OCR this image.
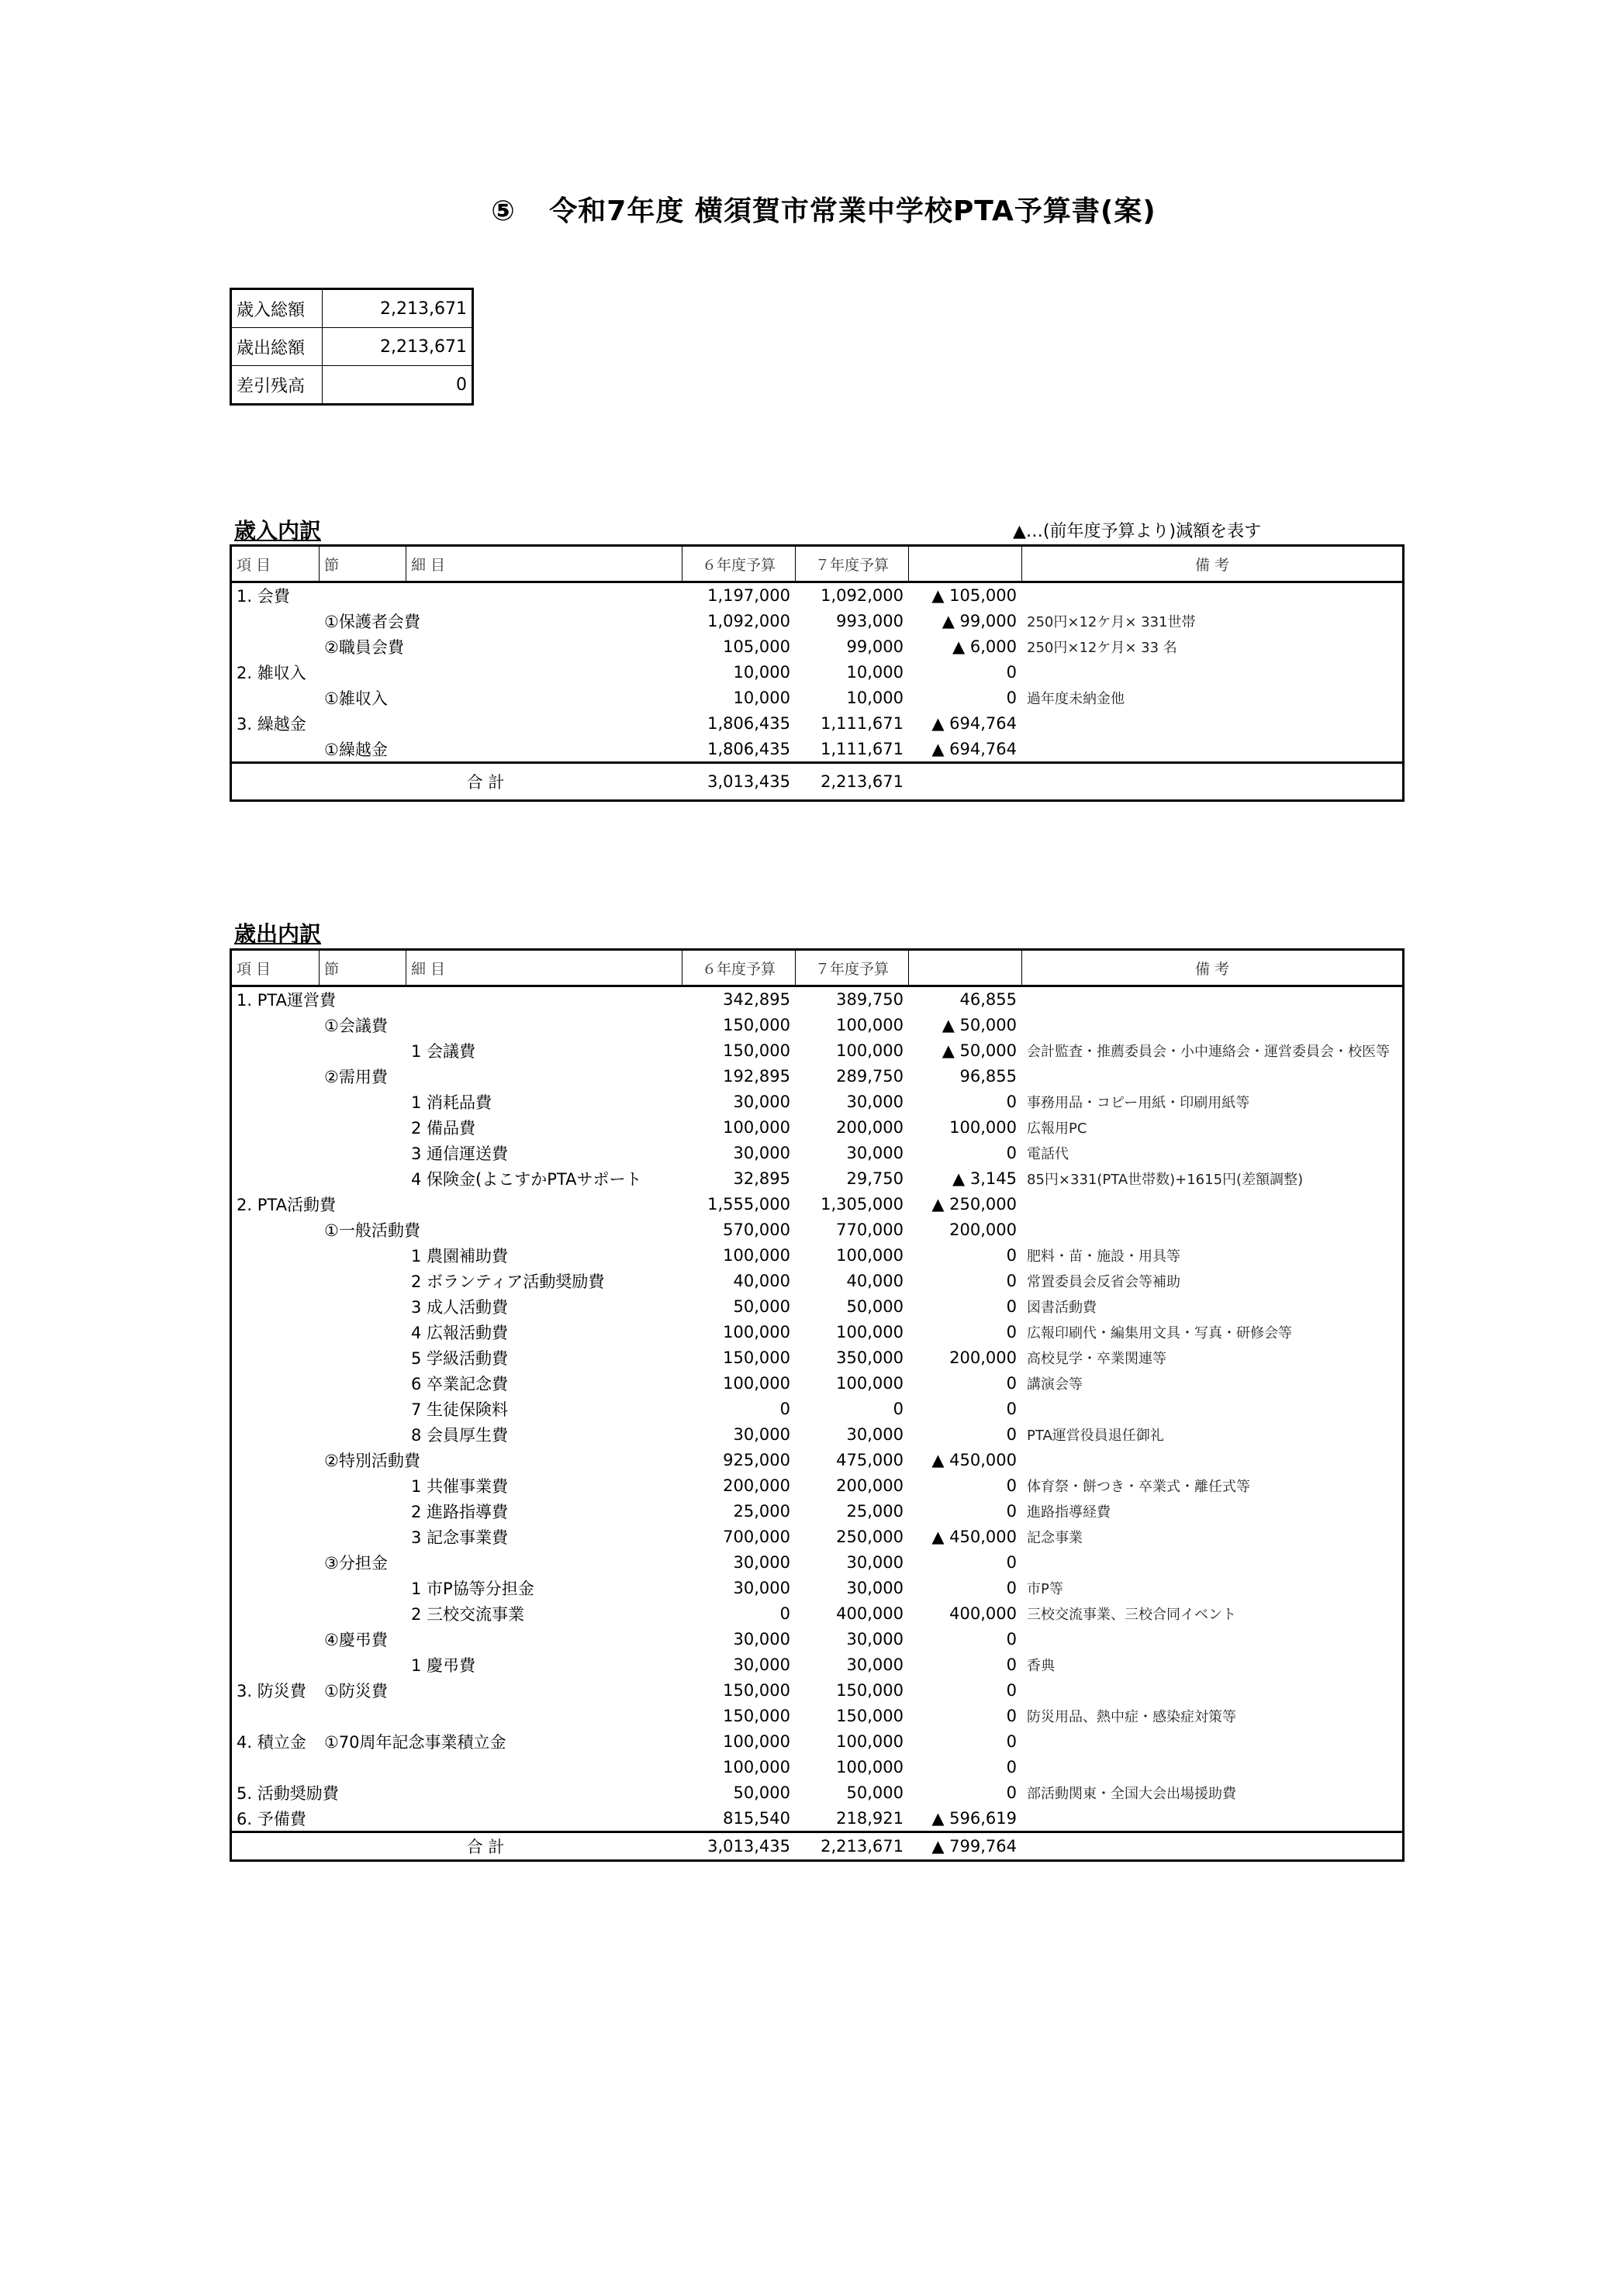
⑤ 令和7年度 横須賀市常業中学校PTA予算書(案)
歳入総額	2,213,671
歳出総額	2,213,671
差引残高	0
歳入内訳	▲…(前年度予算より)減額を表す
項 目	節	細 目	６年度予算	７年度予算		備 考
1. 会費			1,197,000	1,092,000	▲ 105,000	
	①保護者会費		1,092,000	993,000	▲ 99,000	250円×12ケ月× 331世帯
	②職員会費		105,000	99,000	▲ 6,000	250円×12ケ月× 33 名
2. 雑収入			10,000	10,000	0	
	①雑収入		10,000	10,000	0	過年度未納金他
3. 繰越金			1,806,435	1,111,671	▲ 694,764	
	①繰越金		1,806,435	1,111,671	▲ 694,764	
合 計			3,013,435	2,213,671		
歳出内訳
項 目	節	細 目	６年度予算	７年度予算		備 考
1. PTA運営費			342,895	389,750	46,855	
	①会議費		150,000	100,000	▲ 50,000	
		1 会議費	150,000	100,000	▲ 50,000	会計監査・推薦委員会・小中連絡会・運営委員会・校医等
	②需用費		192,895	289,750	96,855	
		1 消耗品費	30,000	30,000	0	事務用品・コピー用紙・印刷用紙等
		2 備品費	100,000	200,000	100,000	広報用PC
		3 通信運送費	30,000	30,000	0	電話代
		4 保険金(よこすかPTAサポート	32,895	29,750	▲ 3,145	85円×331(PTA世帯数)+1615円(差額調整)
2. PTA活動費			1,555,000	1,305,000	▲ 250,000	
	①一般活動費		570,000	770,000	200,000	
		1 農園補助費	100,000	100,000	0	肥料・苗・施設・用具等
		2 ボランティア活動奨励費	40,000	40,000	0	常置委員会反省会等補助
		3 成人活動費	50,000	50,000	0	図書活動費
		4 広報活動費	100,000	100,000	0	広報印刷代・編集用文具・写真・研修会等
		5 学級活動費	150,000	350,000	200,000	高校見学・卒業関連等
		6 卒業記念費	100,000	100,000	0	講演会等
		7 生徒保険料	0	0	0	
		8 会員厚生費	30,000	30,000	0	PTA運営役員退任御礼
	②特別活動費		925,000	475,000	▲ 450,000	
		1 共催事業費	200,000	200,000	0	体育祭・餅つき・卒業式・離任式等
		2 進路指導費	25,000	25,000	0	進路指導経費
		3 記念事業費	700,000	250,000	▲ 450,000	記念事業
	③分担金		30,000	30,000	0	
		1 市P協等分担金	30,000	30,000	0	市P等
		2 三校交流事業	0	400,000	400,000	三校交流事業、三校合同イベント
	④慶弔費		30,000	30,000	0	
		1 慶弔費	30,000	30,000	0	香典
3. 防災費	①防災費		150,000	150,000	0	
			150,000	150,000	0	防災用品、熱中症・感染症対策等
4. 積立金	①70周年記念事業積立金		100,000	100,000	0	
			100,000	100,000	0	
5. 活動奨励費			50,000	50,000	0	部活動関東・全国大会出場援助費
6. 予備費			815,540	218,921	▲ 596,619	
合 計			3,013,435	2,213,671	▲ 799,764	
